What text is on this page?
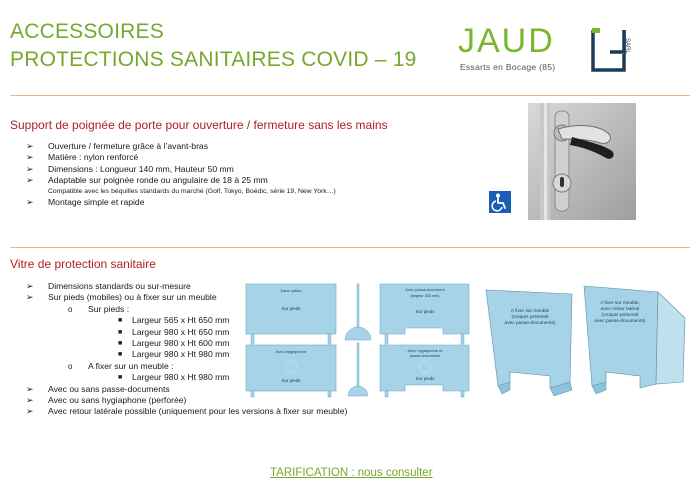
ACCESSOIRES
PROTECTIONS SANITAIRES COVID – 19 JAUD
Essarts en Bocage (85)
SARL
Support de poignée de porte pour ouverture / fermeture sans les mains
➢ Ouverture / fermeture grâce à l’avant-bras
➢ Matière : nylon renforcé
➢ Dimensions : Longueur 140 mm, Hauteur 50 mm
➢ Adaptable sur poignée ronde ou angulaire de 18 à 25 mm
Compatible avec les béquilles standards du marché (Golf, Tokyo, Boédic, série 19, New York…)
➢ Montage simple et rapide
Vitre de protection sanitaire
➢ Dimensions standards ou sur-mesure
➢ Sur pieds (mobiles) ou à fixer sur un meuble
o Sur pieds :
■ Largeur 565 x Ht 650 mm
■ Largeur 980 x Ht 650 mm
■ Largeur 980 x Ht 600 mm
■ Largeur 980 x Ht 980 mm
o A fixer sur un meuble :
■ Largeur 980 x Ht 980 mm
➢ Avec ou sans passe-documents
➢ Avec ou sans hygiaphone (perforée)
➢ Avec retour latérale possible (uniquement pour les versions à fixer sur meuble)
Sans option
Sur pieds
Avec passe-document
(largeur 300 mm)
Sur pieds
Avec hygiaphone
Sur pieds
Avec hygiaphone et
passe-documents
Sur pieds
A fixer sur meuble
(croquis présenté
avec passe-documents)
A fixer sur meuble,
avec retour latéral
(croquis présenté
avec passe-documents)
TARIFICATION : nous consulter
